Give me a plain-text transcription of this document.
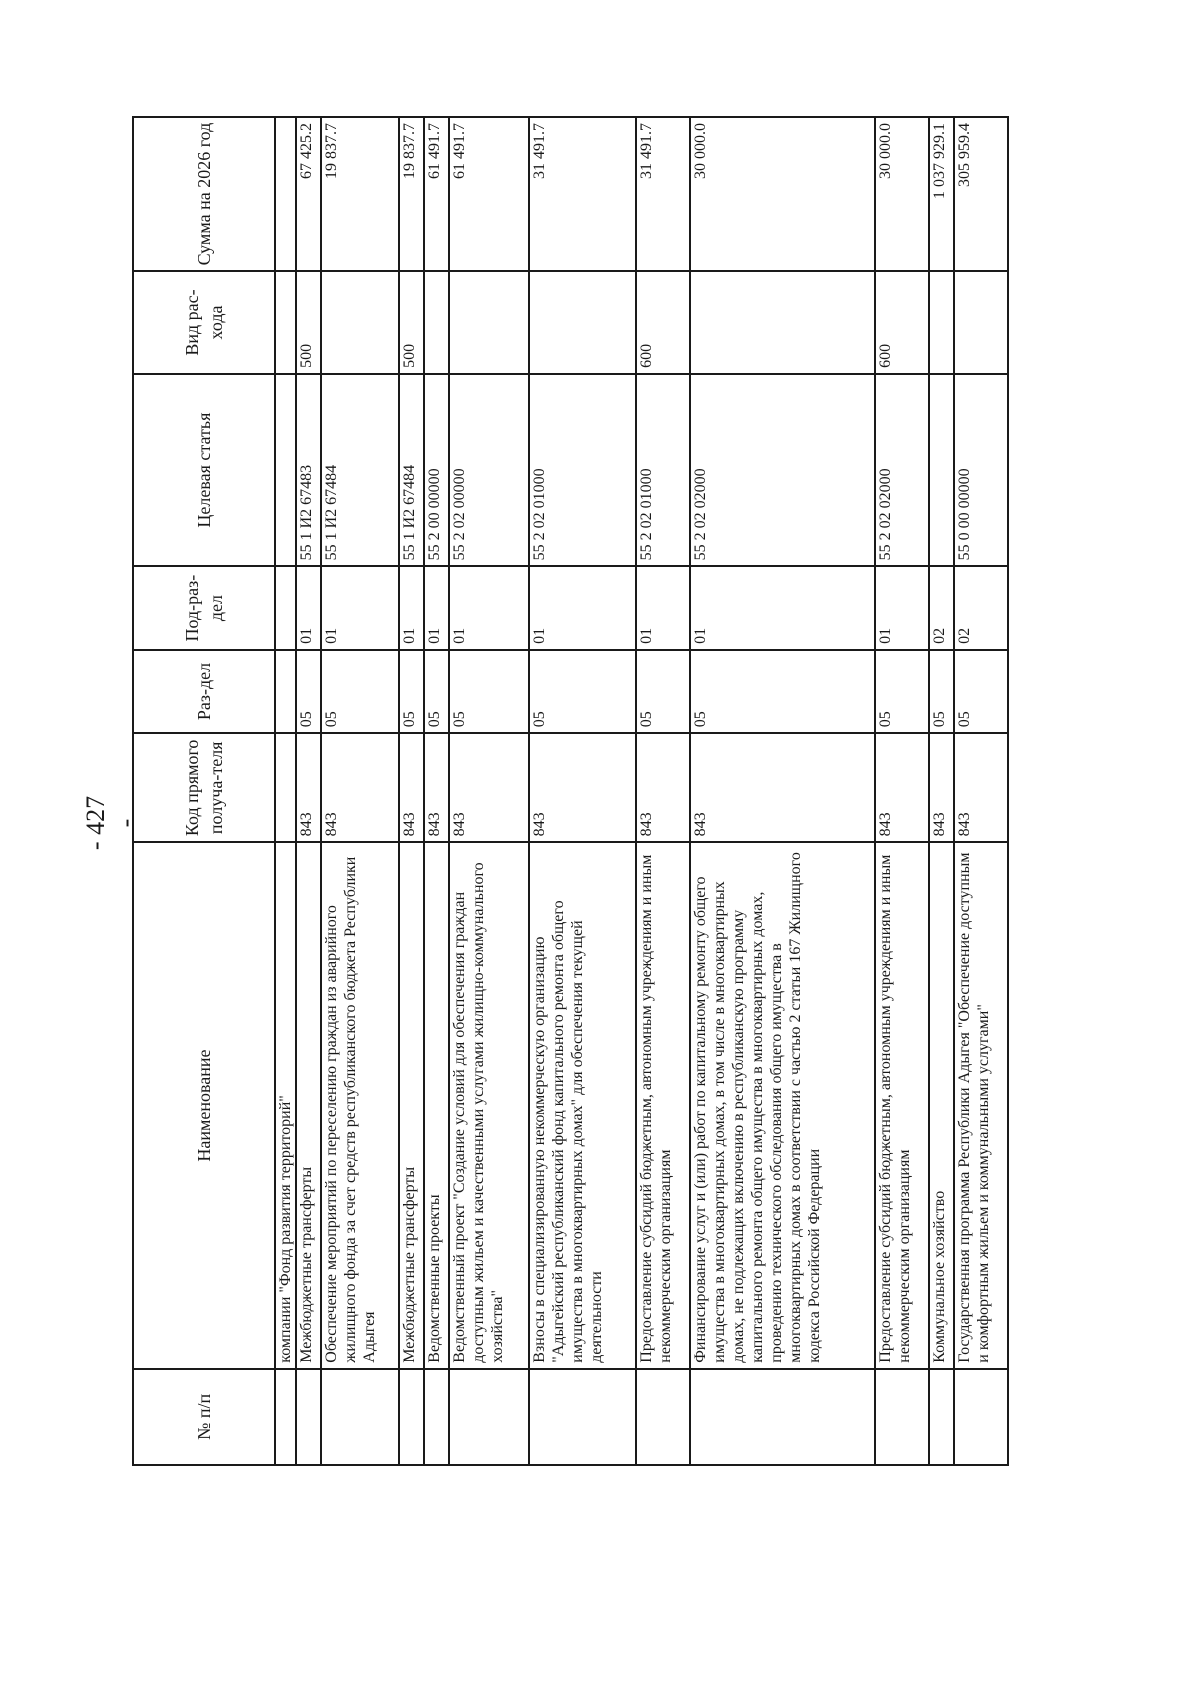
- 427 -
№ п/п	Наименование	Код прямого получа-теля	Раз-дел	Под-раз-дел	Целевая статья	Вид рас-хода	Сумма на 2026 год
	компании "Фонд развития территорий"						
	Межбюджетные трансферты	843	05	01	55 1 И2 67483	500	67 425.2
	Обеспечение мероприятий по переселению граждан из аварийного жилищного фонда за счет средств республиканского бюджета Республики Адыгея	843	05	01	55 1 И2 67484		19 837.7
	Межбюджетные трансферты	843	05	01	55 1 И2 67484	500	19 837.7
	Ведомственные проекты	843	05	01	55 2 00 00000		61 491.7
	Ведомственный проект "Создание условий для обеспечения граждан доступным жильем и качественными услугами жилищно-коммунального хозяйства"	843	05	01	55 2 02 00000		61 491.7
	Взносы в специализированную некоммерческую организацию "Адыгейский республиканский фонд капитального ремонта общего имущества в многоквартирных домах" для обеспечения текущей деятельности	843	05	01	55 2 02 01000		31 491.7
	Предоставление субсидий бюджетным, автономным учреждениям и иным некоммерческим организациям	843	05	01	55 2 02 01000	600	31 491.7
	Финансирование услуг и (или) работ по капитальному ремонту общего имущества в многоквартирных домах, в том числе в многоквартирных домах, не подлежащих включению в республиканскую программу капитального ремонта общего имущества в многоквартирных домах, проведению технического обследования общего имущества в многоквартирных домах в соответствии с частью 2 статьи 167 Жилищного кодекса Российской Федерации	843	05	01	55 2 02 02000		30 000.0
	Предоставление субсидий бюджетным, автономным учреждениям и иным некоммерческим организациям	843	05	01	55 2 02 02000	600	30 000.0
	Коммунальное хозяйство	843	05	02			1 037 929.1
	Государственная программа Республики Адыгея "Обеспечение доступным и комфортным жильем и коммунальными услугами"	843	05	02	55 0 00 00000		305 959.4
